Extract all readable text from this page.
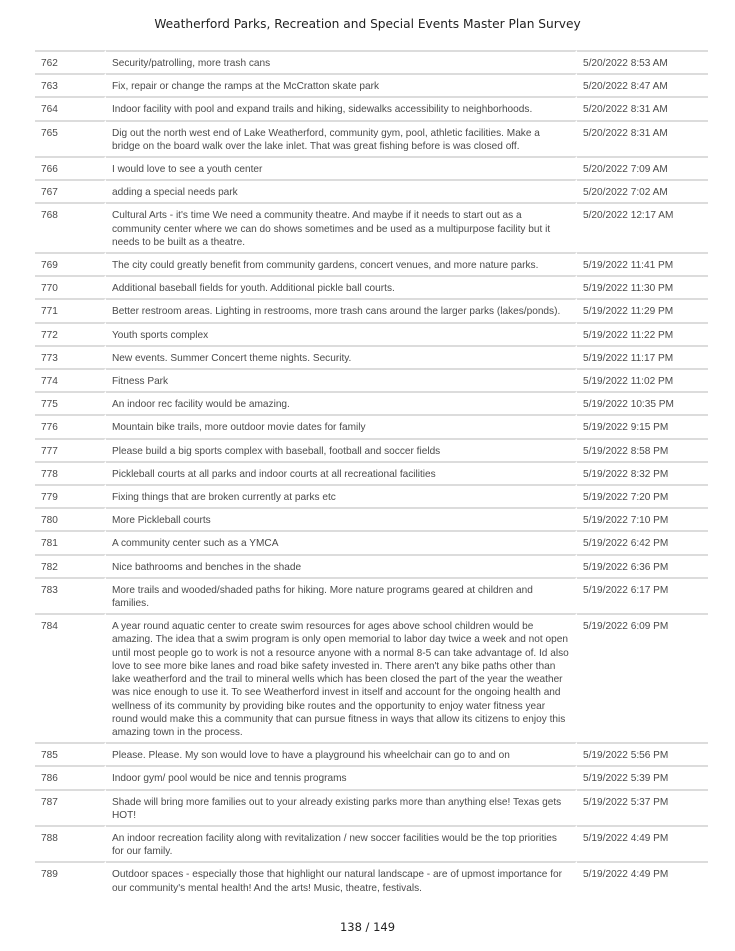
Weatherford Parks, Recreation and Special Events Master Plan Survey
762	Security/patrolling, more trash cans	5/20/2022 8:53 AM
763	Fix, repair or change the ramps at the McCratton skate park	5/20/2022 8:47 AM
764	Indoor facility with pool and expand trails and hiking, sidewalks accessibility to neighborhoods.	5/20/2022 8:31 AM
765	Dig out the north west end of Lake Weatherford, community gym, pool, athletic facilities. Make a bridge on the board walk over the lake inlet. That was great fishing before is was closed off.	5/20/2022 8:31 AM
766	I would love to see a youth center	5/20/2022 7:09 AM
767	adding a special needs park	5/20/2022 7:02 AM
768	Cultural Arts - it's time We need a community theatre. And maybe if it needs to start out as a community center where we can do shows sometimes and be used as a multipurpose facility but it needs to be built as a theatre.	5/20/2022 12:17 AM
769	The city could greatly benefit from community gardens, concert venues, and more nature parks.	5/19/2022 11:41 PM
770	Additional baseball fields for youth. Additional pickle ball courts.	5/19/2022 11:30 PM
771	Better restroom areas. Lighting in restrooms, more trash cans around the larger parks (lakes/ponds).	5/19/2022 11:29 PM
772	Youth sports complex	5/19/2022 11:22 PM
773	New events. Summer Concert theme nights. Security.	5/19/2022 11:17 PM
774	Fitness Park	5/19/2022 11:02 PM
775	An indoor rec facility would be amazing.	5/19/2022 10:35 PM
776	Mountain bike trails, more outdoor movie dates for family	5/19/2022 9:15 PM
777	Please build a big sports complex with baseball, football and soccer fields	5/19/2022 8:58 PM
778	Pickleball courts at all parks and indoor courts at all recreational facilities	5/19/2022 8:32 PM
779	Fixing things that are broken currently at parks etc	5/19/2022 7:20 PM
780	More Pickleball courts	5/19/2022 7:10 PM
781	A community center such as a YMCA	5/19/2022 6:42 PM
782	Nice bathrooms and benches in the shade	5/19/2022 6:36 PM
783	More trails and wooded/shaded paths for hiking. More nature programs geared at children and families.	5/19/2022 6:17 PM
784	A year round aquatic center to create swim resources for ages above school children would be amazing. The idea that a swim program is only open memorial to labor day twice a week and not open until most people go to work is not a resource anyone with a normal 8-5 can take advantage of. Id also love to see more bike lanes and road bike safety invested in. There aren't any bike paths other than lake weatherford and the trail to mineral wells which has been closed the part of the year the weather was nice enough to use it. To see Weatherford invest in itself and account for the ongoing health and wellness of its community by providing bike routes and the opportunity to enjoy water fitness year round would make this a community that can pursue fitness in ways that allow its citizens to enjoy this amazing town in the process.	5/19/2022 6:09 PM
785	Please. Please. My son would love to have a playground his wheelchair can go to and on	5/19/2022 5:56 PM
786	Indoor gym/ pool would be nice and tennis programs	5/19/2022 5:39 PM
787	Shade will bring more families out to your already existing parks more than anything else! Texas gets HOT!	5/19/2022 5:37 PM
788	An indoor recreation facility along with revitalization / new soccer facilities would be the top priorities for our family.	5/19/2022 4:49 PM
789	Outdoor spaces - especially those that highlight our natural landscape - are of upmost importance for our community's mental health! And the arts! Music, theatre, festivals.	5/19/2022 4:49 PM
138 / 149
